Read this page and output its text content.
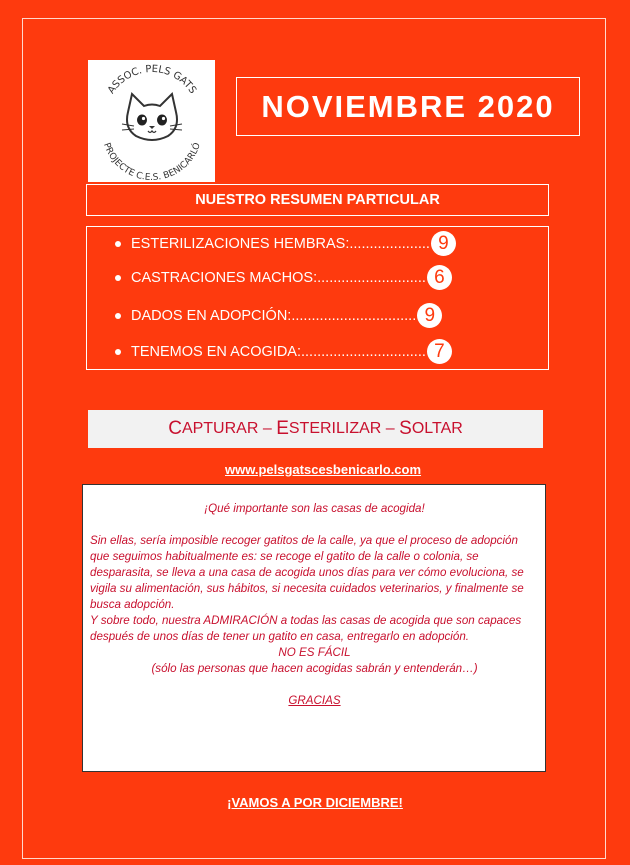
ASSOC. PELS GATS
PROJECTE C.E.S. BENICARLÓ
NOVIEMBRE 2020
NUESTRO RESUMEN PARTICULAR
ESTERILIZACIONES HEMBRAS: .................... 9
CASTRACIONES MACHOS: ........................... 6
DADOS EN ADOPCIÓN: ............................... 9
TENEMOS EN ACOGIDA: ............................... 7
C APTURAR – E STERILIZAR – S OLTAR
www.pelsgatscesbenicarlo.com

¡Qué importante son las casas de acogida!

Sin ellas, sería imposible recoger gatitos de la calle, ya que el proceso de adopción que seguimos habitualmente es: se recoge el gatito de la calle o colonia, se desparasita, se lleva a una casa de acogida unos días para ver cómo evoluciona, se vigila su alimentación, sus hábitos, si necesita cuidados veterinarios, y finalmente se busca adopción.

Y sobre todo, nuestra ADMIRACIÓN a todas las casas de acogida que son capaces después de unos días de tener un gatito en casa, entregarlo en adopción.

NO ES FÁCIL

(sólo las personas que hacen acogidas sabrán y entenderán…)

GRACIAS

¡VAMOS A POR DICIEMBRE!
